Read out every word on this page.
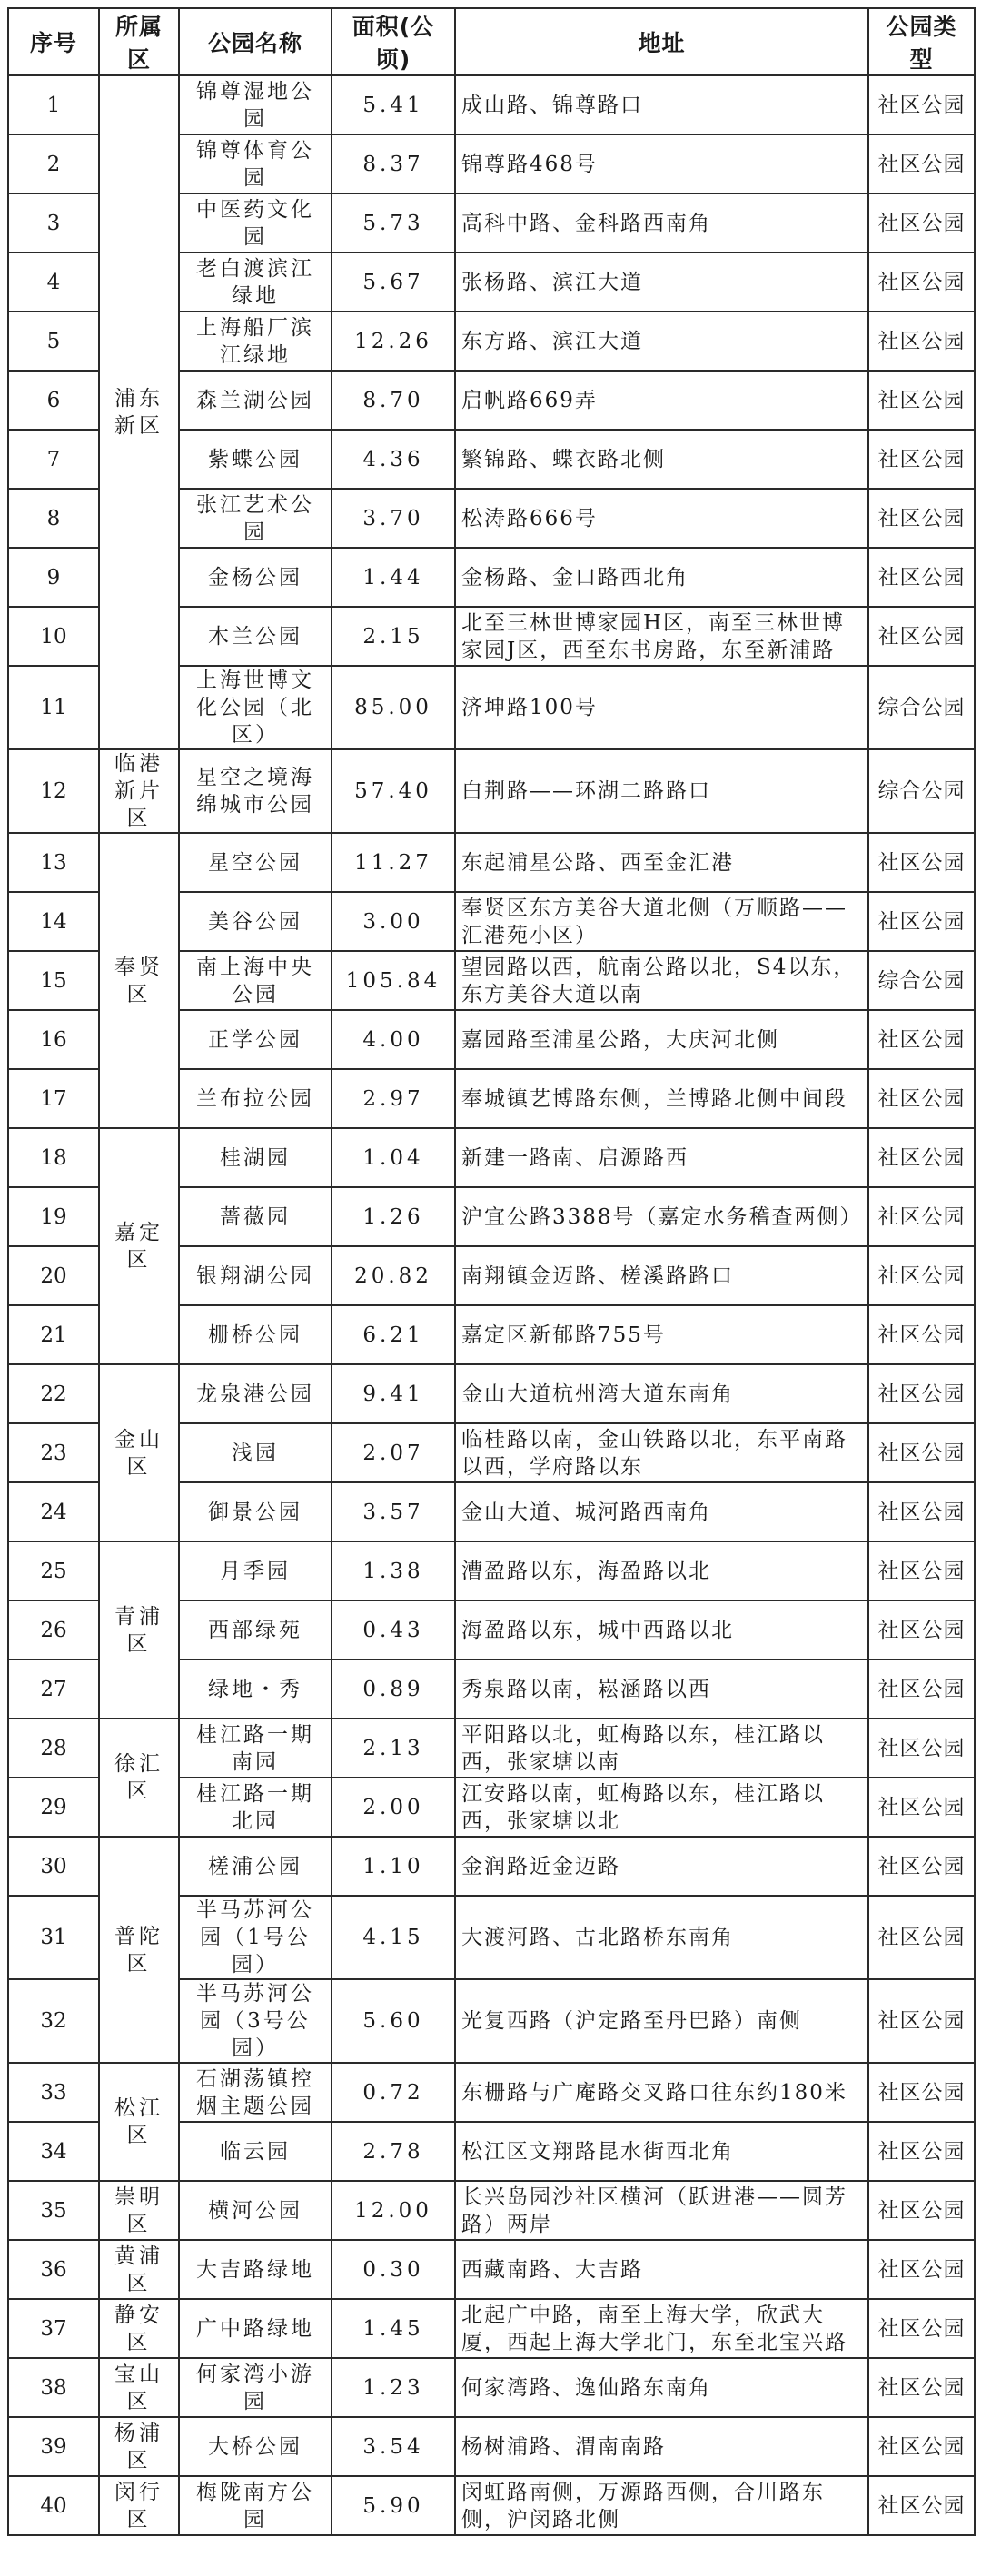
序号	所属区	公园名称	面积(公顷)	地址	公园类型
1	浦东新区	锦尊湿地公园	5.41	成山路、锦尊路口	社区公园
2		锦尊体育公园	8.37	锦尊路468号	社区公园
3		中医药文化园	5.73	高科中路、金科路西南角	社区公园
4		老白渡滨江绿地	5.67	张杨路、滨江大道	社区公园
5		上海船厂滨江绿地	12.26	东方路、滨江大道	社区公园
6		森兰湖公园	8.70	启帆路669弄	社区公园
7		紫蝶公园	4.36	繁锦路、蝶衣路北侧	社区公园
8		张江艺术公园	3.70	松涛路666号	社区公园
9		金杨公园	1.44	金杨路、金口路西北角	社区公园
10		木兰公园	2.15	北至三林世博家园H区，南至三林世博家园J区，西至东书房路，东至新浦路	社区公园
11		上海世博文化公园（北区）	85.00	济坤路100号	综合公园
12	临港新片区	星空之境海绵城市公园	57.40	白荆路——环湖二路路口	综合公园
13	奉贤区	星空公园	11.27	东起浦星公路、西至金汇港	社区公园
14		美谷公园	3.00	奉贤区东方美谷大道北侧（万顺路——汇港苑小区）	社区公园
15		南上海中央公园	105.84	望园路以西，航南公路以北，S4以东，东方美谷大道以南	综合公园
16		正学公园	4.00	嘉园路至浦星公路，大庆河北侧	社区公园
17		兰布拉公园	2.97	奉城镇艺博路东侧，兰博路北侧中间段	社区公园
18	嘉定区	桂湖园	1.04	新建一路南、启源路西	社区公园
19		蔷薇园	1.26	沪宜公路3388号（嘉定水务稽查两侧）	社区公园
20		银翔湖公园	20.82	南翔镇金迈路、槎溪路路口	社区公园
21		栅桥公园	6.21	嘉定区新郁路755号	社区公园
22	金山区	龙泉港公园	9.41	金山大道杭州湾大道东南角	社区公园
23		浅园	2.07	临桂路以南，金山铁路以北，东平南路以西，学府路以东	社区公园
24		御景公园	3.57	金山大道、城河路西南角	社区公园
25	青浦区	月季园	1.38	漕盈路以东，海盈路以北	社区公园
26		西部绿苑	0.43	海盈路以东，城中西路以北	社区公园
27		绿地・秀	0.89	秀泉路以南，崧涵路以西	社区公园
28	徐汇区	桂江路一期南园	2.13	平阳路以北，虹梅路以东，桂江路以西，张家塘以南	社区公园
29		桂江路一期北园	2.00	江安路以南，虹梅路以东，桂江路以西，张家塘以北	社区公园
30	普陀区	槎浦公园	1.10	金润路近金迈路	社区公园
31		半马苏河公园（1号公园）	4.15	大渡河路、古北路桥东南角	社区公园
32		半马苏河公园（3号公园）	5.60	光复西路（沪定路至丹巴路）南侧	社区公园
33	松江区	石湖荡镇控烟主题公园	0.72	东栅路与广庵路交叉路口往东约180米	社区公园
34		临云园	2.78	松江区文翔路昆水街西北角	社区公园
35	崇明区	横河公园	12.00	长兴岛园沙社区横河（跃进港——圆芳路）两岸	社区公园
36	黄浦区	大吉路绿地	0.30	西藏南路、大吉路	社区公园
37	静安区	广中路绿地	1.45	北起广中路，南至上海大学，欣武大厦，西起上海大学北门，东至北宝兴路	社区公园
38	宝山区	何家湾小游园	1.23	何家湾路、逸仙路东南角	社区公园
39	杨浦区	大桥公园	3.54	杨树浦路、渭南南路	社区公园
40	闵行区	梅陇南方公园	5.90	闵虹路南侧，万源路西侧，合川路东侧，沪闵路北侧	社区公园
